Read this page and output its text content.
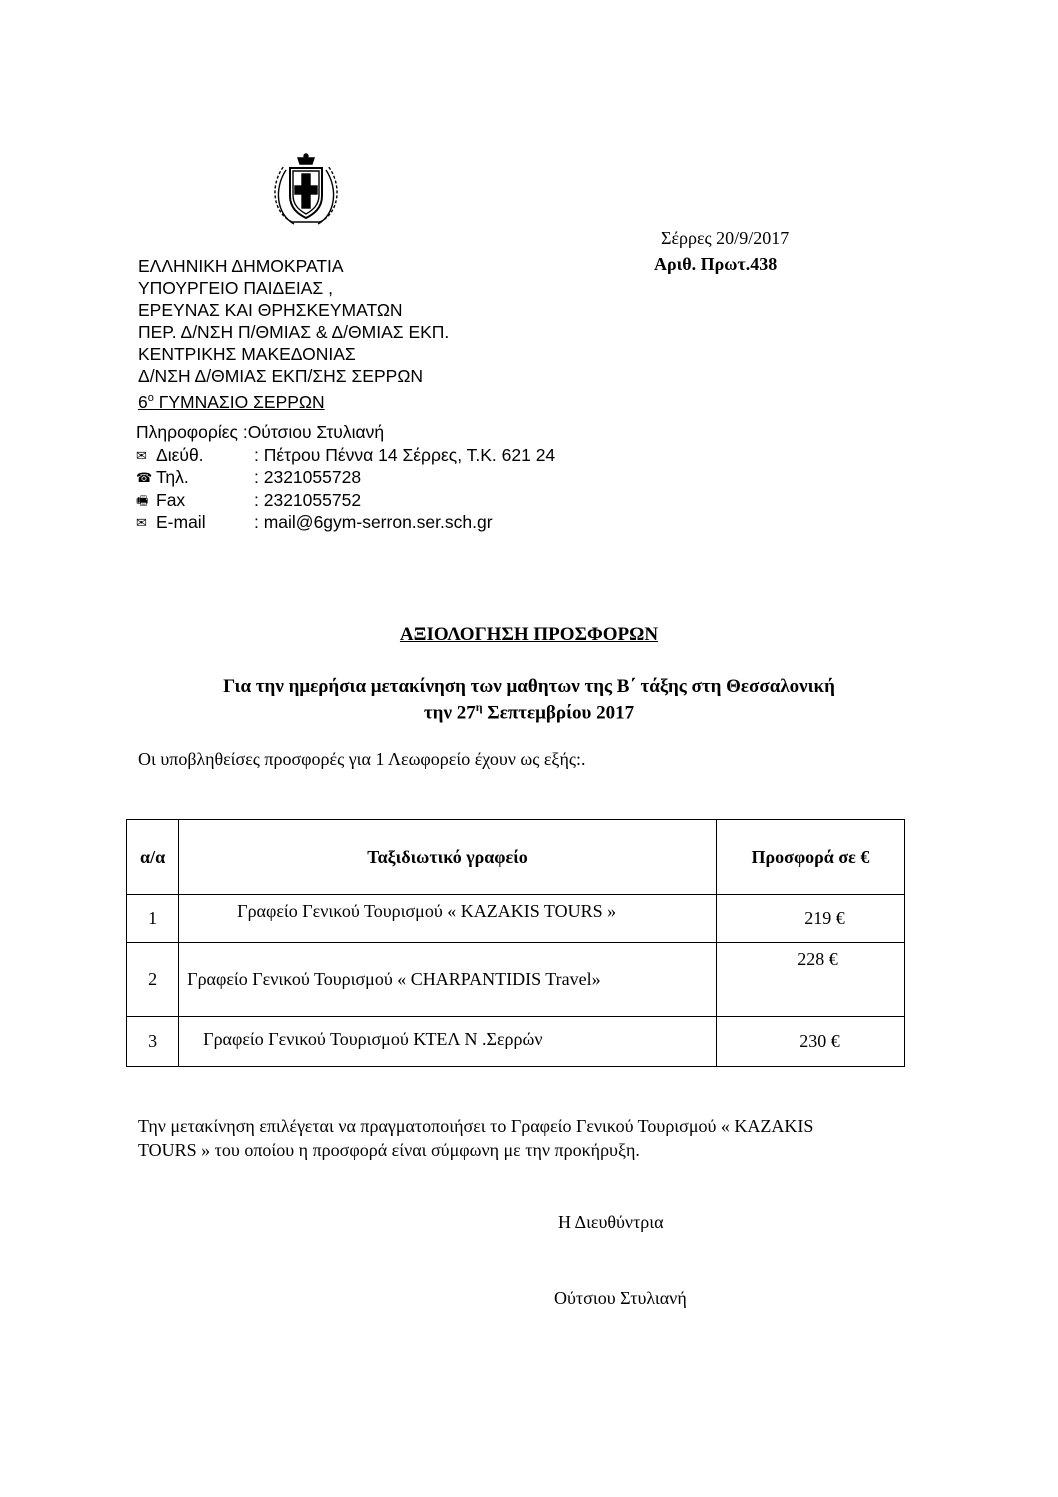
Σέρρες 20/9/2017
Αριθ. Πρωτ.438
ΕΛΛΗΝΙΚΗ ΔΗΜΟΚΡΑΤΙΑ
ΥΠΟΥΡΓΕΙΟ ΠΑΙΔΕΙΑΣ ,
ΕΡΕΥΝΑΣ ΚΑΙ ΘΡΗΣΚΕΥΜΑΤΩΝ
ΠΕΡ. Δ/ΝΣΗ Π/ΘΜΙΑΣ & Δ/ΘΜΙΑΣ ΕΚΠ.
ΚΕΝΤΡΙΚΗΣ ΜΑΚΕΔΟΝΙΑΣ
Δ/ΝΣΗ Δ/ΘΜΙΑΣ ΕΚΠ/ΣΗΣ ΣΕΡΡΩΝ
$6^o$ ΓΥΜΝΑΣΙΟ ΣΕΡΡΩΝ
Πληροφορίες :Ούτσιου Στυλιανή
✉ Διεύθ.	: Πέτρου Πέννα 14 Σέρρες, Τ.Κ. 621 24
☎ Τηλ.	: 2321055728
🖷 Fax	: 2321055752
✉ E-mail	: mail@6gym-serron.ser.sch.gr
ΑΞΙΟΛΟΓΗΣΗ ΠΡΟΣΦΟΡΩΝ
Για την ημερήσια μετακίνηση των μαθητων της Β΄ τάξης στη Θεσσαλονική
την $27^\eta$ Σεπτεμβρίου 2017
Οι υποβληθείσες προσφορές για 1 Λεωφορείο έχουν ως εξής:.
α/α	Ταξιδιωτικό γραφείο	Προσφορά σε €
1	Γραφείο Γενικού Τουρισμού « KAZAKIS TOURS »	219 €
2	Γραφείο Γενικού Τουρισμού « CHARPANTIDIS Travel»	228 €
3	Γραφείο Γενικού Τουρισμού ΚΤΕΛ Ν .Σερρών	230 €
Την μετακίνηση επιλέγεται να πραγματοποιήσει το Γραφείο Γενικού Τουρισμού « KAZAKIS
TOURS » του οποίου η προσφορά είναι σύμφωνη με την προκήρυξη.
Η Διευθύντρια
Ούτσιου Στυλιανή
